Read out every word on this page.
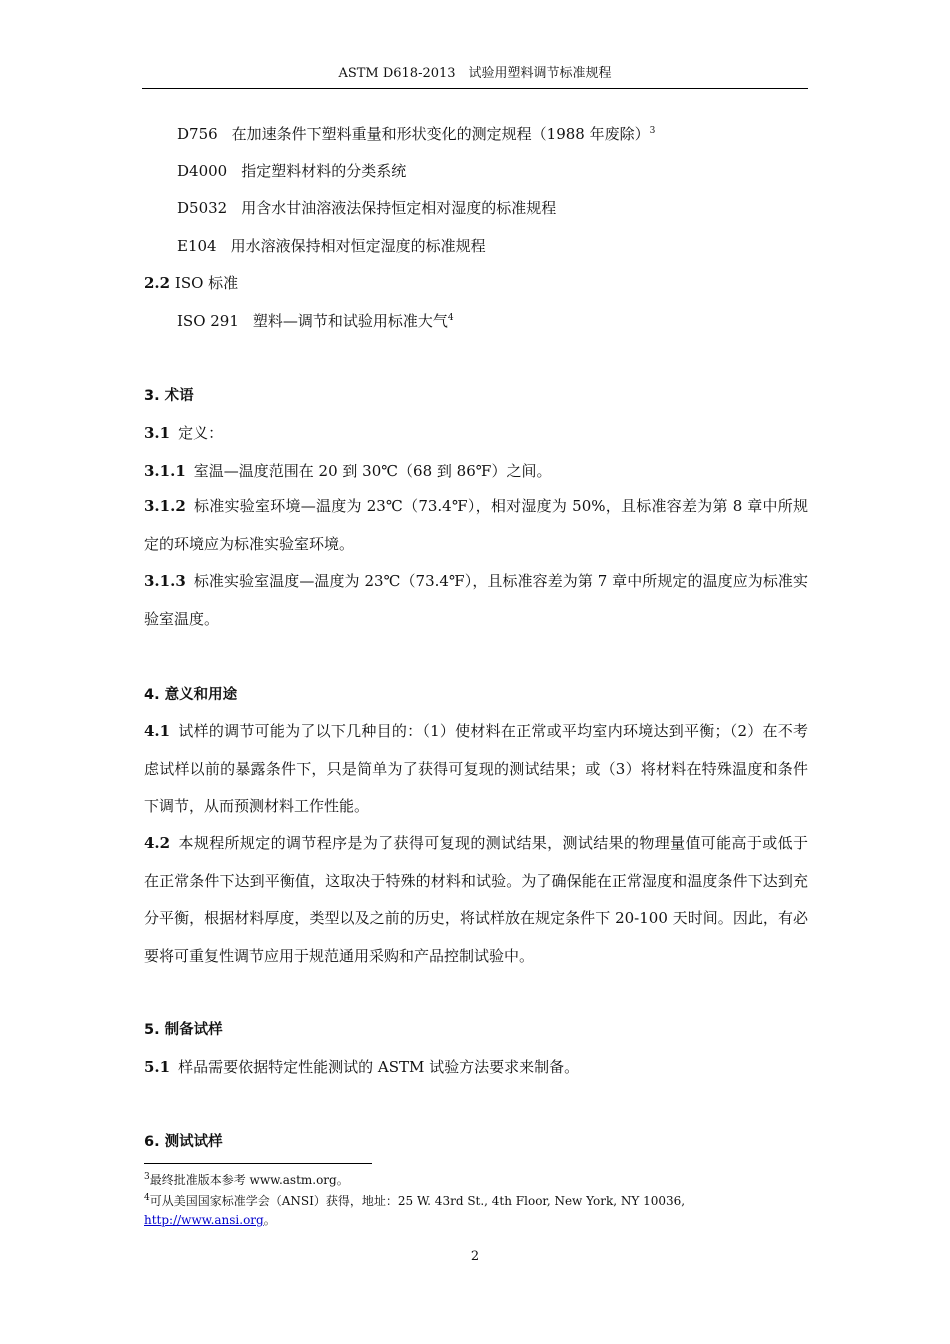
ASTM D618-2013　试验用塑料调节标准规程
D756 在加速条件下塑料重量和形状变化的测定规程（1988 年废除）$^3$
D4000 指定塑料材料的分类系统
D5032 用含水甘油溶液法保持恒定相对湿度的标准规程
E104 用水溶液保持相对恒定湿度的标准规程
2.2 ISO 标准
ISO 291 塑料—调节和试验用标准大气$^4$
3. 术语
3.1 定义：
3.1.1 室温—温度范围在 20 到 30℃（68 到 86℉）之间。
3.1.2 标准实验室环境—温度为 23℃（73.4℉），相对湿度为 50%，且标准容差为第 8 章中所规定的环境应为标准实验室环境。
3.1.3 标准实验室温度—温度为 23℃（73.4℉），且标准容差为第 7 章中所规定的温度应为标准实验室温度。
4. 意义和用途
4.1 试样的调节可能为了以下几种目的：（1）使材料在正常或平均室内环境达到平衡；（2）在不考虑试样以前的暴露条件下，只是简单为了获得可复现的测试结果；或（3）将材料在特殊温度和条件下调节，从而预测材料工作性能。
4.2 本规程所规定的调节程序是为了获得可复现的测试结果，测试结果的物理量值可能高于或低于在正常条件下达到平衡值，这取决于特殊的材料和试验。为了确保能在正常湿度和温度条件下达到充分平衡，根据材料厚度，类型以及之前的历史，将试样放在规定条件下 20-100 天时间。因此，有必要将可重复性调节应用于规范通用采购和产品控制试验中。
5. 制备试样
5.1 样品需要依据特定性能测试的 ASTM 试验方法要求来制备。
6. 测试试样
$^3$最终批准版本参考 www.astm.org。
$^4$可从美国国家标准学会（ANSI）获得，地址：25 W. 43rd St., 4th Floor, New York, NY 10036,
http://www.ansi.org。
2
